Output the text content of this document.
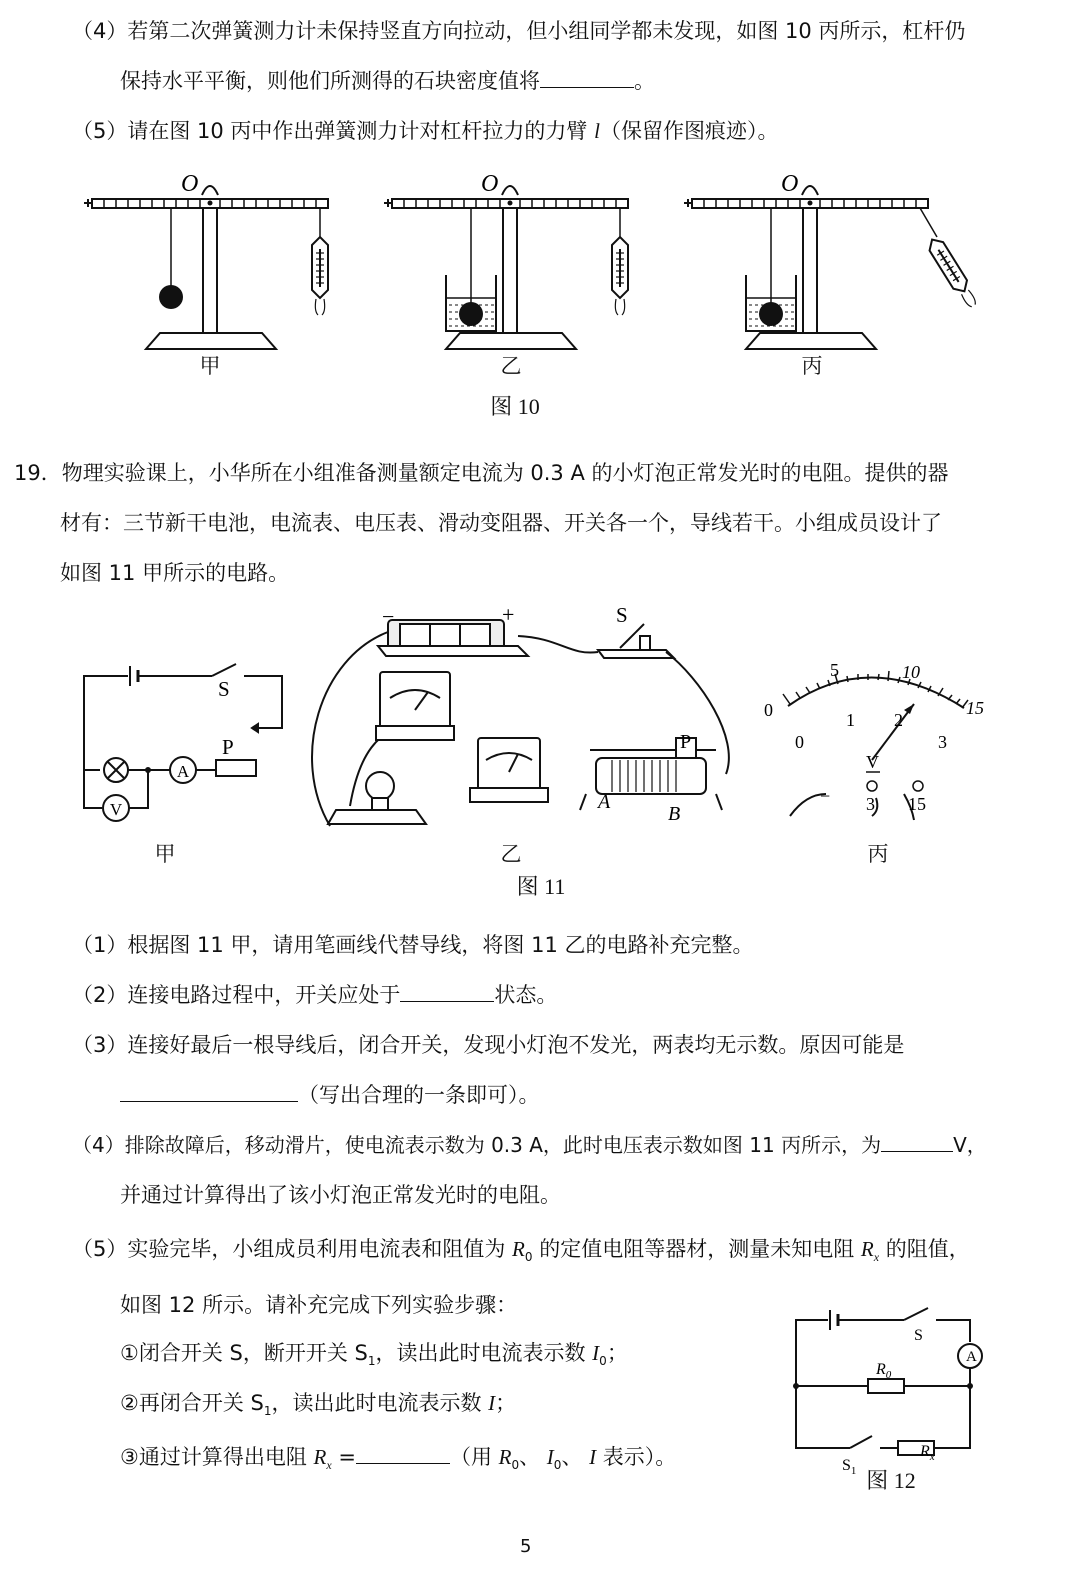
（4）若第二次弹簧测力计未保持竖直方向拉动，但小组同学都未发现，如图 10 丙所示，杠杆仍
保持水平平衡，则他们所测得的石块密度值将	。
（5）请在图 10 丙中作出弹簧测力计对杠杆拉力的力臂 l（保留作图痕迹）。
O	O	O
甲	乙	丙
图 10
19．物理实验课上，小华所在小组准备测量额定电流为 0.3 A 的小灯泡正常发光时的电阻。提供的器
材有：三节新干电池，电流表、电压表、滑动变阻器、开关各一个，导线若干。小组成员设计了
如图 11 甲所示的电路。
S
P
A
V
−	+	S
P
A
B
0
5	10
15
0
1 2
3
V
− 3 15
甲	乙	丙
图 11
（1）根据图 11 甲，请用笔画线代替导线，将图 11 乙的电路补充完整。
（2）连接电路过程中，开关应处于	状态。
（3）连接好最后一根导线后，闭合开关，发现小灯泡不发光，两表均无示数。原因可能是
（写出合理的一条即可）。
（4）排除故障后，移动滑片，使电流表示数为 0.3 A，此时电压表示数如图 11 丙所示，为	V，
并通过计算得出了该小灯泡正常发光时的电阻。
（5）实验完毕，小组成员利用电流表和阻值为 $R_0$ 的定值电阻等器材，测量未知电阻 $R_x$ 的阻值，
如图 12 所示。请补充完成下列实验步骤：
①闭合开关 S，断开开关 $S_1$，读出此时电流表示数 $I_0$；
②再闭合开关 $S_1$，读出此时电流表示数 I；
③通过计算得出电阻 $R_x$ =	（用 $R_0$、 $I_0$、 I 表示）。
A
S
$S_1$
$R_0$
$R_x$
图 12
5
